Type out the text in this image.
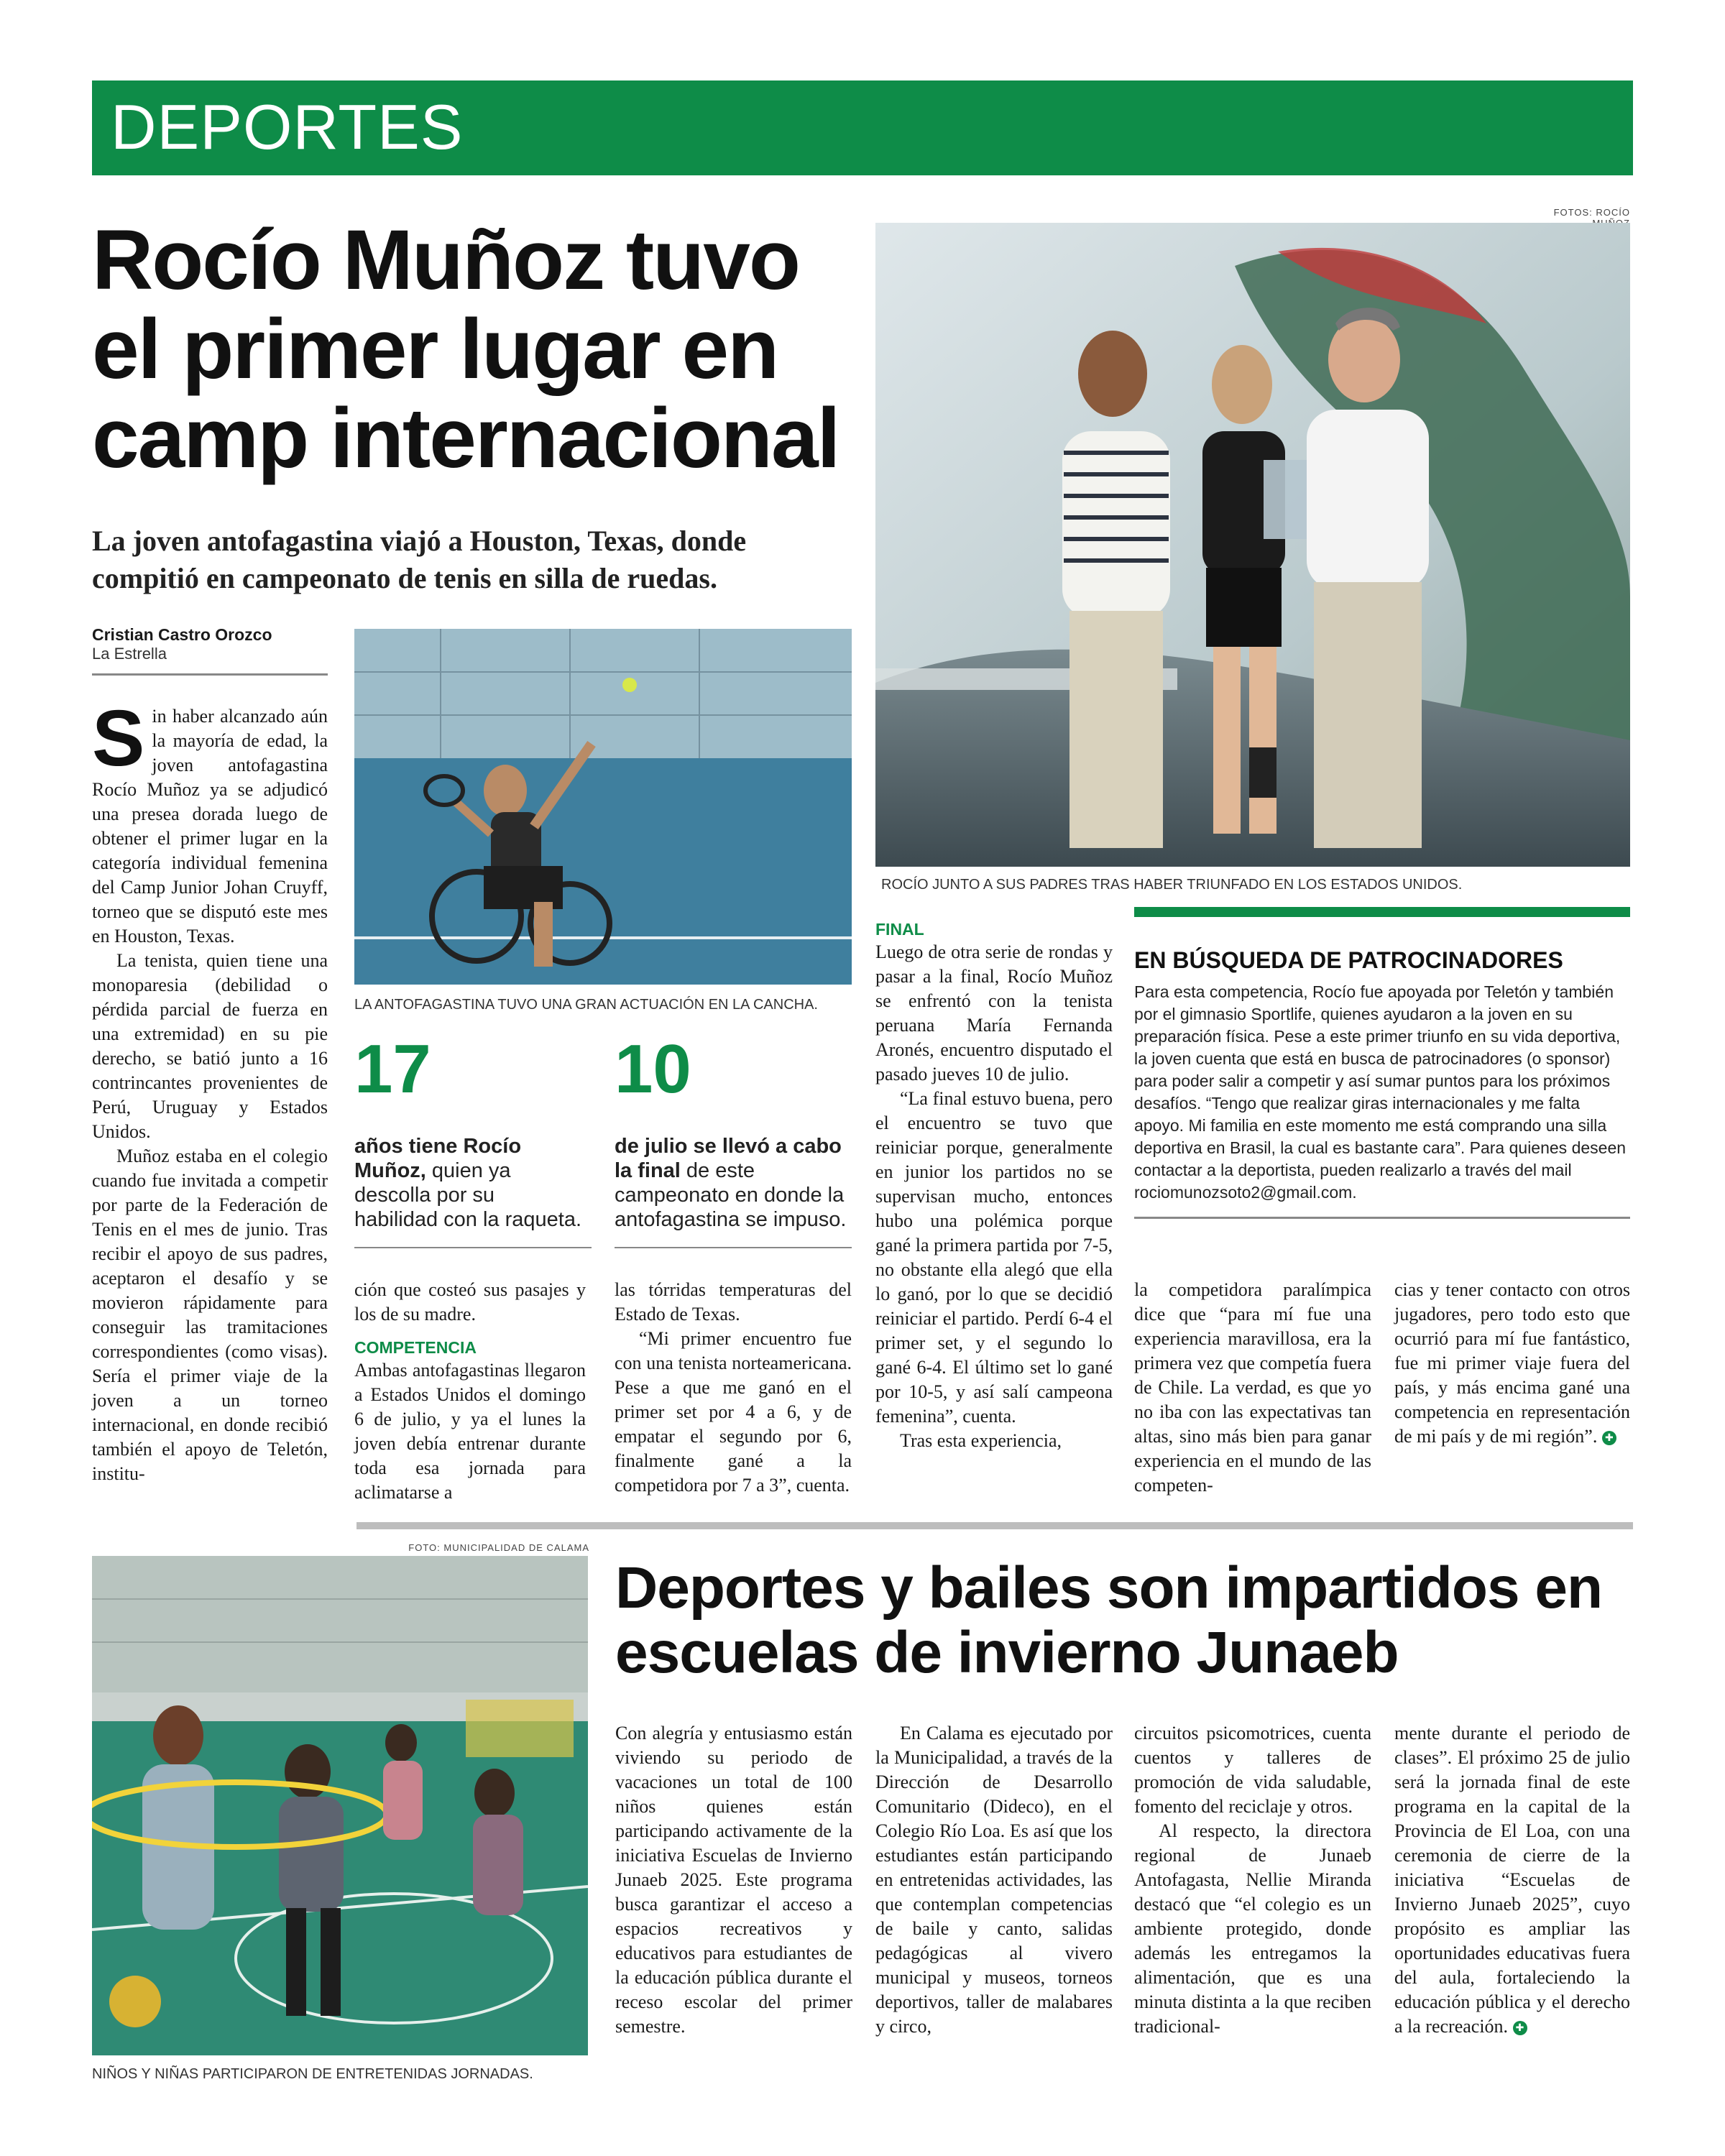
DEPORTES
Rocío Muñoz tuvo el primer lugar en camp internacional
La joven antofagastina viajó a Houston, Texas, donde compitió en campeonato de tenis en silla de ruedas.
Cristian Castro Orozco
La Estrella
FOTOS: ROCÍO
ROCÍO JUNTO A SUS PADRES TRAS HABER TRIUNFADO EN LOS ESTADOS UNIDOS.
LA ANTOFAGASTINA TUVO UNA GRAN ACTUACIÓN EN LA CANCHA.

Sin haber alcanzado aún la mayoría de edad, la joven antofagastina Rocío Muñoz ya se adjudicó una presea dorada luego de obtener el primer lugar en la categoría individual femenina del Camp Junior Johan Cruyff, torneo que se disputó este mes en Houston, Texas.

La tenista, quien tiene una monoparesia (debilidad o pérdida parcial de fuerza en una extremidad) en su pie derecho, se batió junto a 16 contrincantes provenientes de Perú, Uruguay y Estados Unidos.

Muñoz estaba en el colegio cuando fue invitada a competir por parte de la Federación de Tenis en el mes de junio. Tras recibir el apoyo de sus padres, aceptaron el desafío y se movieron rápidamente para conseguir las tramitaciones correspondientes (como visas). Sería el primer viaje de la joven a un torneo internacional, en donde recibió también el apoyo de Teletón, institu-

17
años tiene Rocío Muñoz, quien ya descolla por su habilidad con la raqueta.
10
de julio se llevó a cabo la final de este campeonato en donde la antofagastina se impuso.

ción que costeó sus pasajes y los de su madre.

COMPETENCIA

Ambas antofagastinas llegaron a Estados Unidos el domingo 6 de julio, y ya el lunes la joven debía entrenar durante toda esa jornada para aclimatarse a

las tórridas temperaturas del Estado de Texas.

“Mi primer encuentro fue con una tenista norteamericana. Pese a que me ganó en el primer set por 4 a 6, y de empatar el segundo por 6, finalmente gané a la competidora por 7 a 3”, cuenta.

FINAL

Luego de otra serie de rondas y pasar a la final, Rocío Muñoz se enfrentó con la tenista peruana María Fernanda Aronés, encuentro disputado el pasado jueves 10 de julio.

“La final estuvo buena, pero el encuentro se tuvo que reiniciar porque, generalmente en junior los partidos no se supervisan mucho, entonces hubo una polémica porque gané la primera partida por 7-5, no obstante ella alegó que ella lo ganó, por lo que se decidió reiniciar el partido. Perdí 6-4 el primer set, y el segundo lo gané 6-4. El último set lo gané por 10-5, y así salí campeona femenina”, cuenta.

Tras esta experiencia,

EN BÚSQUEDA DE PATROCINADORES
Para esta competencia, Rocío fue apoyada por Teletón y también por el gimnasio Sportlife, quienes ayudaron a la joven en su preparación física. Pese a este primer triunfo en su vida deportiva, la joven cuenta que está en busca de patrocinadores (o sponsor) para poder salir a competir y así sumar puntos para los próximos desafíos. “Tengo que realizar giras internacionales y me falta apoyo. Mi familia en este momento me está comprando una silla deportiva en Brasil, la cual es bastante cara”. Para quienes deseen contactar a la deportista, pueden realizarlo a través del mail rociomunozsoto2@gmail.com.

la competidora paralímpica dice que “para mí fue una experiencia maravillosa, era la primera vez que competía fuera de Chile. La verdad, es que yo no iba con las expectativas tan altas, sino más bien para ganar experiencia en el mundo de las competen-

cias y tener contacto con otros jugadores, pero todo esto que ocurrió para mí fue fantástico, fue mi primer viaje fuera del país, y más encima gané una competencia en representación de mi país y de mi región”. ✚

FOTO: MUNICIPALIDAD DE CALAMA
NIÑOS Y NIÑAS PARTICIPARON DE ENTRETENIDAS JORNADAS.
Deportes y bailes son impartidos en escuelas de invierno Junaeb

Con alegría y entusiasmo están viviendo su periodo de vacaciones un total de 100 niños quienes están participando activamente de la iniciativa Escuelas de Invierno Junaeb 2025. Este programa busca garantizar el acceso a espacios recreativos y educativos para estudiantes de la educación pública durante el receso escolar del primer semestre.

En Calama es ejecutado por la Municipalidad, a través de la Dirección de Desarrollo Comunitario (Dideco), en el Colegio Río Loa. Es así que los estudiantes están participando en entretenidas actividades, las que contemplan competencias de baile y canto, salidas pedagógicas al vivero municipal y museos, torneos deportivos, taller de malabares y circo,

circuitos psicomotrices, cuenta cuentos y talleres de promoción de vida saludable, fomento del reciclaje y otros.

Al respecto, la directora regional de Junaeb Antofagasta, Nellie Miranda destacó que “el colegio es un ambiente protegido, donde además les entregamos la alimentación, que es una minuta distinta a la que reciben tradicional-

mente durante el periodo de clases”. El próximo 25 de julio será la jornada final de este programa en la capital de la Provincia de El Loa, con una ceremonia de cierre de la iniciativa “Escuelas de Invierno Junaeb 2025”, cuyo propósito es ampliar las oportunidades educativas fuera del aula, fortaleciendo la educación pública y el derecho a la recreación. ✚
